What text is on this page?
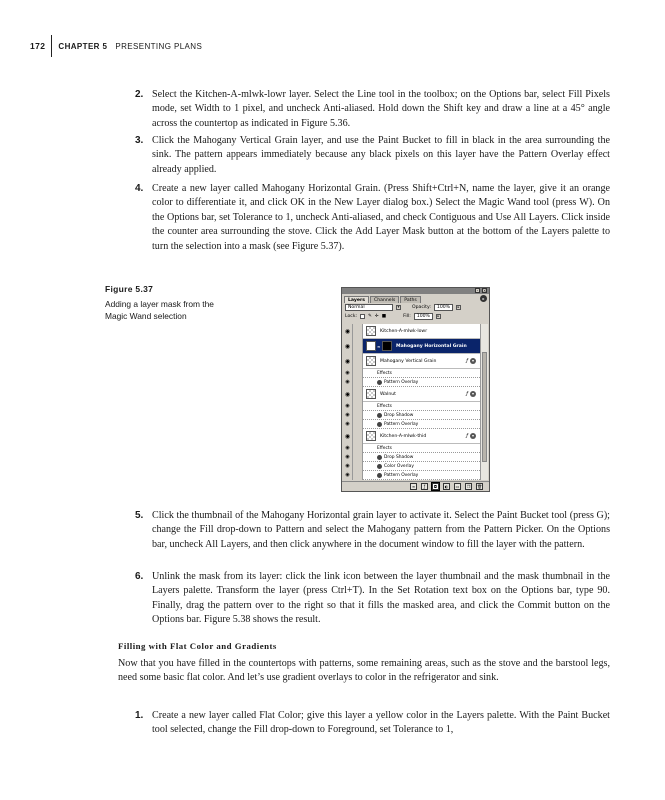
172	CHAPTER 5 PRESENTING PLANS
2. Select the Kitchen-A-mlwk-lowr layer. Select the Line tool in the toolbox; on the Options bar, select Fill Pixels mode, set Width to 1 pixel, and uncheck Anti-aliased. Hold down the Shift key and draw a line at a 45° angle across the countertop as indicated in Figure 5.36.
3. Click the Mahogany Vertical Grain layer, and use the Paint Bucket to fill in black in the area surrounding the sink. The pattern appears immediately because any black pixels on this layer have the Pattern Overlay effect already applied.
4. Create a new layer called Mahogany Horizontal Grain. (Press Shift+Ctrl+N, name the layer, give it an orange color to differentiate it, and click OK in the New Layer dialog box.) Select the Magic Wand tool (press W). On the Options bar, set Tolerance to 1, uncheck Anti-aliased, and check Contiguous and Use All Layers. Click inside the counter area surrounding the stove. Click the Add Layer Mask button at the bottom of the Layers palette to turn the selection into a mask (see Figure 5.37).
Figure 5.37
Adding a layer mask from the Magic Wand selection
-	×
Layers	Channels	Paths	▸
Normal	▾	Opacity:	100%	▸
Lock: ✎ ✛ ■	Fill:	100%	▸
◉	Kitchen-A-mlwk-lowr
◉	∞	Mahogany Horizontal Grain
◉	Mahogany Vertical Grain	ƒ ▾
◉	Effects
◉	Pattern Overlay
◉	Walnut	ƒ ▾
◉	Effects
◉	Drop Shadow
◉	Pattern Overlay
◉	Kitchen-A-mlwk-thid	ƒ ▾
◉	Effects
◉	Drop Shadow
◉	Color Overlay
◉	Pattern Overlay
∞	ƒ	◘	◐	▭	❐	🗑
5. Click the thumbnail of the Mahogany Horizontal grain layer to activate it. Select the Paint Bucket tool (press G); change the Fill drop-down to Pattern and select the Mahogany pattern from the Pattern Picker. On the Options bar, uncheck All Layers, and then click anywhere in the document window to fill the layer with the pattern.
6. Unlink the mask from its layer: click the link icon between the layer thumbnail and the mask thumbnail in the Layers palette. Transform the layer (press Ctrl+T). In the Set Rotation text box on the Options bar, type 90. Finally, drag the pattern over to the right so that it fills the masked area, and click the Commit button on the Options bar. Figure 5.38 shows the result.
Filling with Flat Color and Gradients
Now that you have filled in the countertops with patterns, some remaining areas, such as the stove and the barstool legs, need some basic flat color. And let’s use gradient overlays to color in the refrigerator and sink.
1. Create a new layer called Flat Color; give this layer a yellow color in the Layers palette. With the Paint Bucket tool selected, change the Fill drop-down to Foreground, set Tolerance to 1,
